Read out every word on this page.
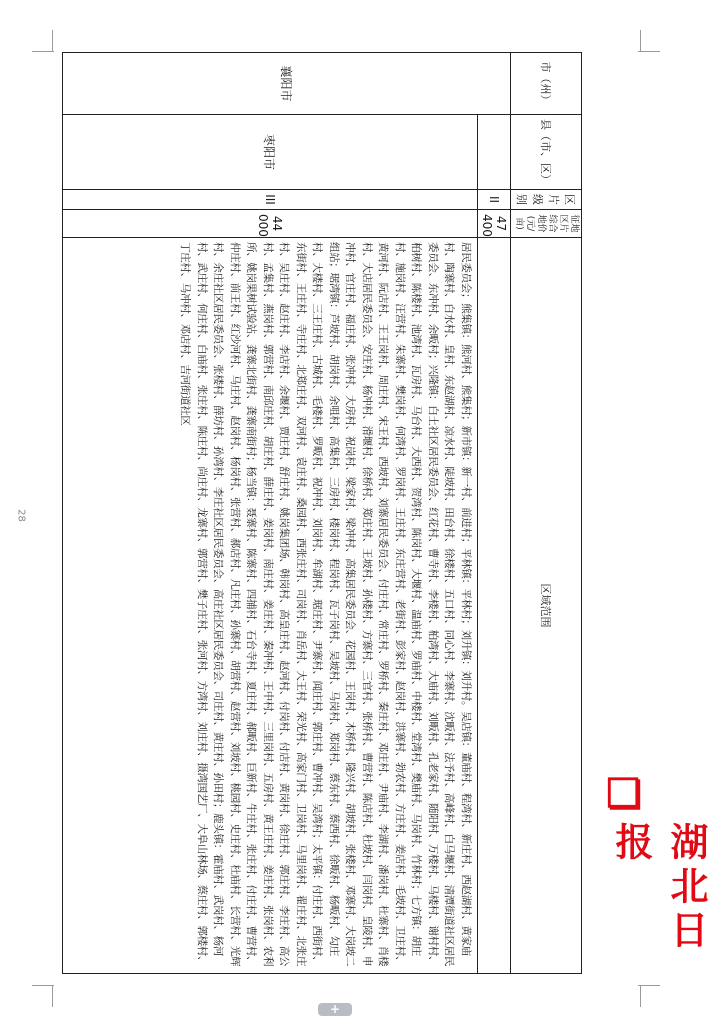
28
市（州）	县（市、区）	区片级别	征地区片综合地价(元/亩)	区域范围
襄阳市		II	47 400	
	枣阳市	III	44 000	居民委员会；熊集镇：熊河村、熊集村；新市镇：新一村、前进村；平林镇：平林村；刘升镇：刘升村。吴店镇：董庙村、程湾村、新庄村、西赵湖村、黄家庙村、陶寨村、白水村、皇村、东赵湖村、凉水村、陡坡村、田台村、徐楼村、五口村、同心村、李寨村、沈畈村、法予村、高峰村、白马堰村、清潭街道社区居民委员会、东冲村、余畈村；兴隆镇：白土社区居民委员会、红花村、曹寺村、李楼村、柏湾村、大庙村、刘畈村、孔老家村、随阳村、万楼村、马楼村、谢村村、柏树村、陈楼村、池湾村、瓦房村、马台村、大西村、贺湾村、陈岗村、大堰村、温庙村、罗庙村、中楼村、堂湾村、樊庙村、马岗村、竹林村；七方镇：胡庄村、施岗村、汪营村、朱寨村、樊岗村、何湾村、罗岗村、王庄村、东庄营村、老街村、彭家村、赵岗村、洪寨村、勃农村、方庄村、姜店村、毛坡村、卫庄村、黄河村、阮店村、王王岗村、周庄村、宋王村、西坡村、刘寨居民委员会、付庄村、常庄村、罗桥村、秦庄村、邓庄村、尹庙村、李湖村、潘岗村、杜寨村、肖楼村、大店居民委员会、安庄村、杨冲村、滑堰村、徐桥村、郑庄村、王坡村、孙楼村、方寨村、三官村、张桥村、曹营村、陈店村、杜坡村、闫岗村、皇陵村、申冲村、官庄村、福庄村、张冲村、大房村、祝岗村、梁家村、梁冲村、高集居民委员会、花园村、王岗村、木桥村、隆兴村、胡坡村、张楼村、邓寨村、大岗坡二组站；琚湾镇：芦坡村、胡岗村、余咀村、高集村、三房村、楼岗村、程岗村、瓦子岗村、吴坡村、马岗村、郑岗村、蔡东村、蔡西村、徐畈村、杨畈村、勾庄村、大楼村、三王庄村、古城村、毛楼村、罗畈村、祝冲村、刘岗村、牟湖村、琚庄村、尹寨村、闻庄村、郭庄村、曹冲村、吴湾村；太平镇：付庄村、西街村、东街村、王庄村、寺庄村、北郑庄村、双河村、袁庄村、桑园村、西张庄村、司岗村、肖岳村、大王村、荣光村、高家门村、卫岗村、马里岗村、翟庄村、北张庄村、吴庄村、赵庄村、李店村、余堰村、贾庄村、舒庄村、姚岗集团场、韩岗村、高皇庄村、赵河村、付岗村、付店村、黄岗村、徐庄村、郭庄村、李庄村、高公村、孟集村、燕岗村、郭营村、南邱庄村、胡庄村、薛庄村、姜岗村、南庄村、姜庄村、秦冲村、王中村、三里岗村、五房村、黄王庄村、姜庄村、张岗村、农利所、姚岗果树试验站、龚寨北街村、龚寨南街村；杨当镇：聂寨村、陈寨村、四捕村、石台寺村、夏庄村、郝畈村、巨新村、牛庄村、张庄村、付庄村、曹营村、仲庄村、前王村、红沙河村、马庄村、赵岗村、杨岗村、张营村、郝店村、凡庄村、孙寨村、胡营村、赵营村、刘坡村、桃园村、史庄村、杜庙村、长营村、光辉村、余庄社区居民委员会、张楼村、薛坊村、孙湾村、李庄社区居民委员会、高庄社区居民委员会、司庄村、黄庄村、孙田村；鹿头镇：霍庙村、武岗村、杨河村、武庄村、何庄村、白庙村、张庄村、陈庄村、尚庄村、龙寨村、郭营村、樊子庄村、张河村、方湾村、刘庄村、摄湾国艺厂、大阜山林场、蔡庄村、郭楼村、丁庄村、马冲村、邓店村、吉河街道社区
❐
湖北日报
+
